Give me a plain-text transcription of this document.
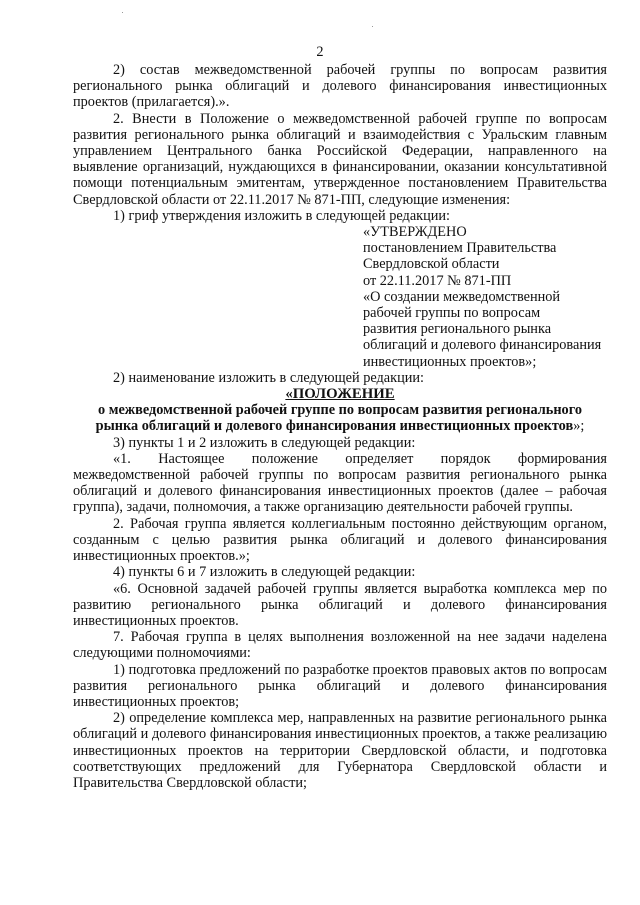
2

2) состав межведомственной рабочей группы по вопросам развития регионального рынка облигаций и долевого финансирования инвестиционных проектов (прилагается).».

2. Внести в Положение о межведомственной рабочей группе по вопросам развития регионального рынка облигаций и взаимодействия с Уральским главным управлением Центрального банка Российской Федерации, направленного на выявление организаций, нуждающихся в финансировании, оказании консультативной помощи потенциальным эмитентам, утвержденное постановлением Правительства Свердловской области от 22.11.2017 № 871-ПП, следующие изменения:

1) гриф утверждения изложить в следующей редакции:

«УТВЕРЖДЕНО
постановлением Правительства
Свердловской области
от 22.11.2017 № 871-ПП
«О создании межведомственной
рабочей группы по вопросам
развития регионального рынка
облигаций и долевого финансирования
инвестиционных проектов»;

2) наименование изложить в следующей редакции:

«ПОЛОЖЕНИЕ
о межведомственной рабочей группе по вопросам развития регионального
рынка облигаций и долевого финансирования инвестиционных проектов»;

3) пункты 1 и 2 изложить в следующей редакции:

«1. Настоящее положение определяет порядок формирования межведомственной рабочей группы по вопросам развития регионального рынка облигаций и долевого финансирования инвестиционных проектов (далее – рабочая группа), задачи, полномочия, а также организацию деятельности рабочей группы.

2. Рабочая группа является коллегиальным постоянно действующим органом, созданным с целью развития рынка облигаций и долевого финансирования инвестиционных проектов.»;

4) пункты 6 и 7 изложить в следующей редакции:

«6. Основной задачей рабочей группы является выработка комплекса мер по развитию регионального рынка облигаций и долевого финансирования инвестиционных проектов.

7. Рабочая группа в целях выполнения возложенной на нее задачи наделена следующими полномочиями:

1) подготовка предложений по разработке проектов правовых актов по вопросам развития регионального рынка облигаций и долевого финансирования инвестиционных проектов;

2) определение комплекса мер, направленных на развитие регионального рынка облигаций и долевого финансирования инвестиционных проектов, а также реализацию инвестиционных проектов на территории Свердловской области, и подготовка соответствующих предложений для Губернатора Свердловской области и Правительства Свердловской области;
